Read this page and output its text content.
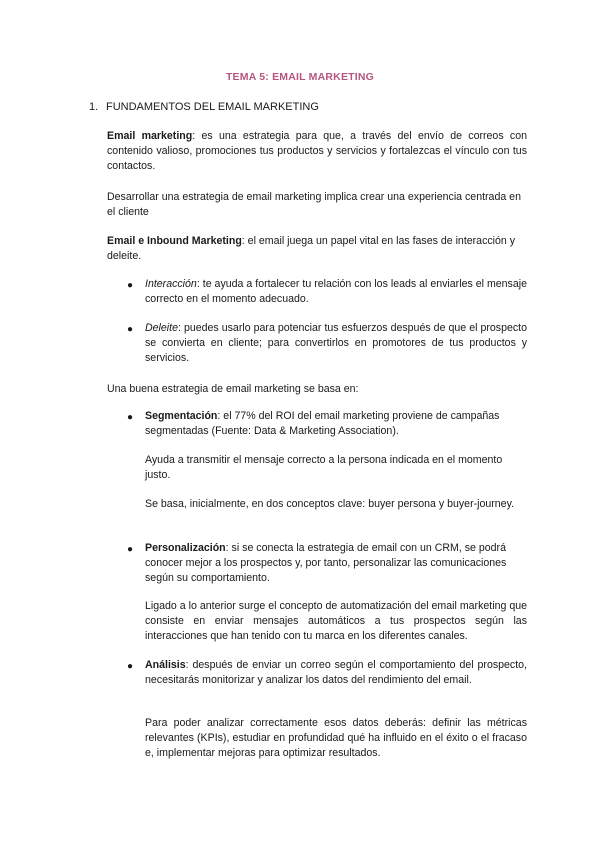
TEMA 5: EMAIL MARKETING
1. FUNDAMENTOS DEL EMAIL MARKETING
Email marketing: es una estrategia para que, a través del envío de correos con contenido valioso, promociones tus productos y servicios y fortalezcas el vínculo con tus contactos.
Desarrollar una estrategia de email marketing implica crear una experiencia centrada en el cliente
Email e Inbound Marketing: el email juega un papel vital en las fases de interacción y deleite.
● Interacción: te ayuda a fortalecer tu relación con los leads al enviarles el mensaje correcto en el momento adecuado.
● Deleite: puedes usarlo para potenciar tus esfuerzos después de que el prospecto se convierta en cliente; para convertirlos en promotores de tus productos y servicios.
Una buena estrategia de email marketing se basa en:
● Segmentación: el 77% del ROI del email marketing proviene de campañas segmentadas (Fuente: Data & Marketing Association).
Ayuda a transmitir el mensaje correcto a la persona indicada en el momento justo.
Se basa, inicialmente, en dos conceptos clave: buyer persona y buyer-journey.
● Personalización: si se conecta la estrategia de email con un CRM, se podrá conocer mejor a los prospectos y, por tanto, personalizar las comunicaciones según su comportamiento.
Ligado a lo anterior surge el concepto de automatización del email marketing que consiste en enviar mensajes automáticos a tus prospectos según las interacciones que han tenido con tu marca en los diferentes canales.
● Análisis: después de enviar un correo según el comportamiento del prospecto, necesitarás monitorizar y analizar los datos del rendimiento del email.
Para poder analizar correctamente esos datos deberás: definir las métricas relevantes (KPIs), estudiar en profundidad qué ha influido en el éxito o el fracaso e, implementar mejoras para optimizar resultados.
